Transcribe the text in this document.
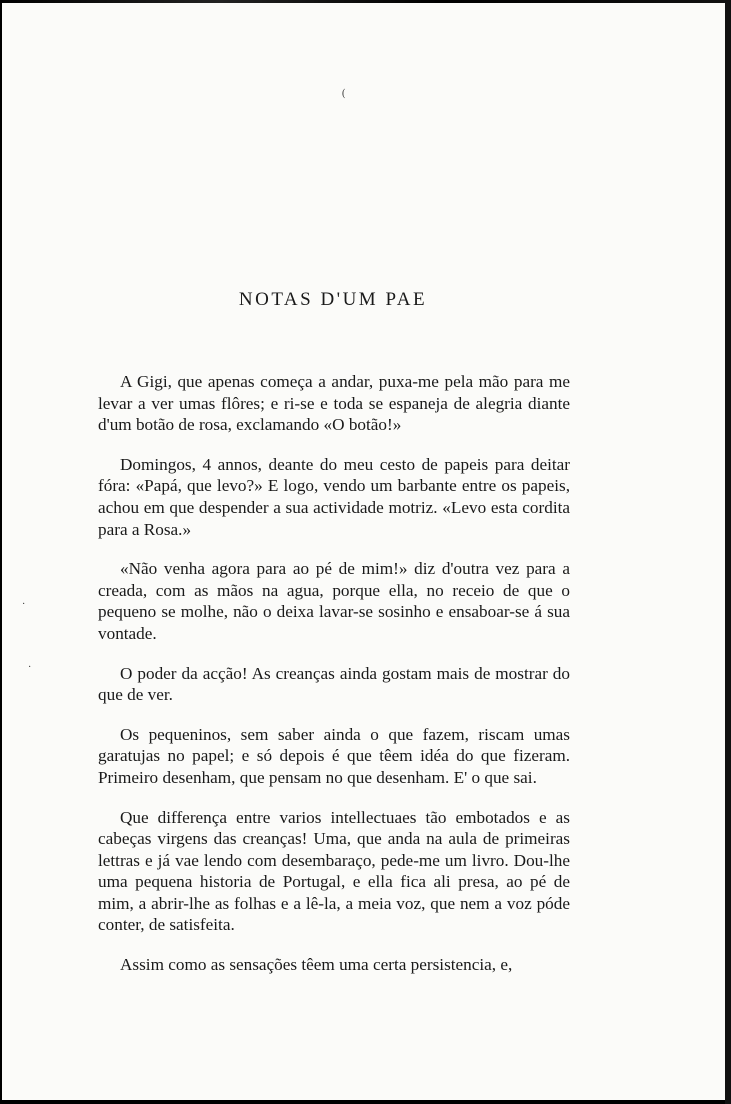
NOTAS D'UM PAE

A Gigi, que apenas começa a andar, puxa-me pela mão para me levar a ver umas flôres; e ri-se e toda se espaneja de alegria diante d'um botão de rosa, exclamando «O botão!»

Domingos, 4 annos, deante do meu cesto de papeis para deitar fóra: «Papá, que levo?» E logo, vendo um barbante entre os papeis, achou em que despender a sua actividade motriz. «Levo esta cordita para a Rosa.»

«Não venha agora para ao pé de mim!» diz d'outra vez para a creada, com as mãos na agua, porque ella, no receio de que o pequeno se molhe, não o deixa lavar-se sosinho e ensaboar-se á sua vontade.

O poder da acção! As creanças ainda gostam mais de mostrar do que de ver.

Os pequeninos, sem saber ainda o que fazem, riscam umas garatujas no papel; e só depois é que têem idéa do que fizeram. Primeiro desenham, que pensam no que desenham. E' o que sai.

Que differença entre varios intellectuaes tão embotados e as cabeças virgens das creanças! Uma, que anda na aula de primeiras lettras e já vae lendo com desembaraço, pede-me um livro. Dou-lhe uma pequena historia de Portugal, e ella fica ali presa, ao pé de mim, a abrir-lhe as folhas e a lê-la, a meia voz, que nem a voz póde conter, de satisfeita.

Assim como as sensações têem uma certa persistencia, e,

(
·
·
